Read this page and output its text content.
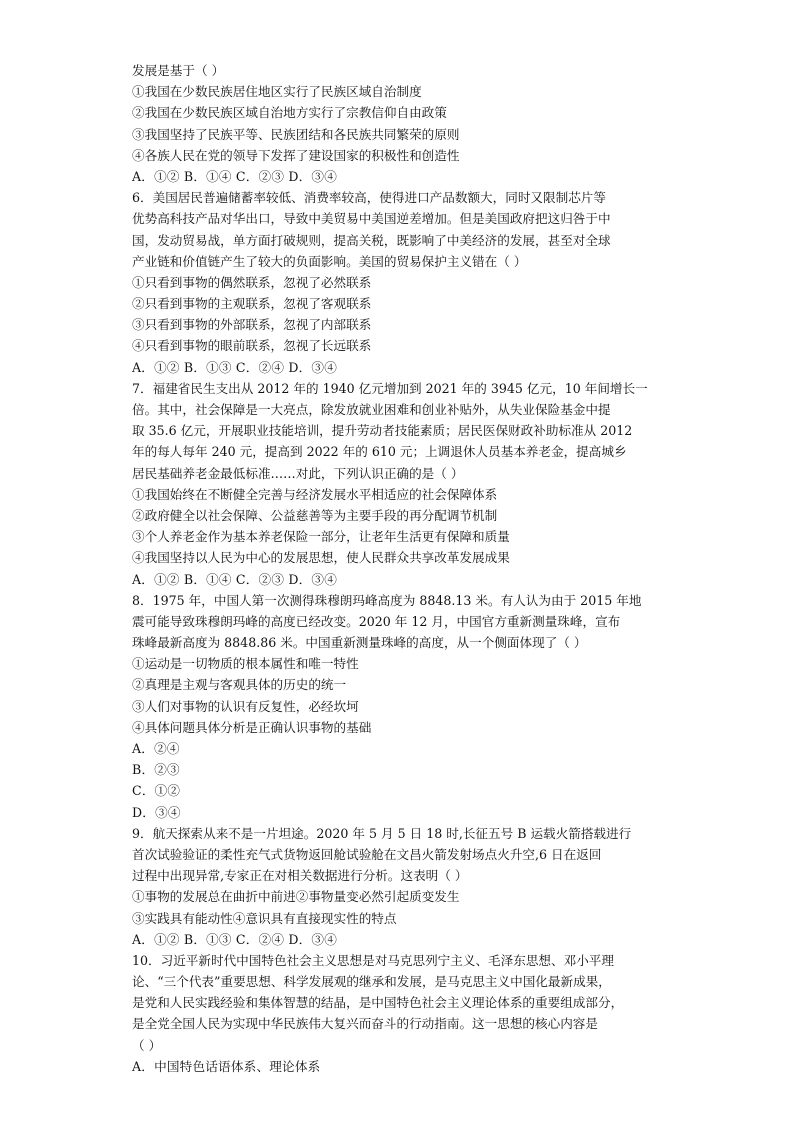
发展是基于（ ）
①我国在少数民族居住地区实行了民族区域自治制度
②我国在少数民族区域自治地方实行了宗教信仰自由政策
③我国坚持了民族平等、民族团结和各民族共同繁荣的原则
④各族人民在党的领导下发挥了建设国家的积极性和创造性
A．①② B．①④ C．②③ D．③④
6．美国居民普遍储蓄率较低、消费率较高，使得进口产品数额大，同时又限制芯片等
优势高科技产品对华出口，导致中美贸易中美国逆差增加。但是美国政府把这归咎于中
国，发动贸易战，单方面打破规则，提高关税，既影响了中美经济的发展，甚至对全球
产业链和价值链产生了较大的负面影响。美国的贸易保护主义错在（ ）
①只看到事物的偶然联系，忽视了必然联系
②只看到事物的主观联系，忽视了客观联系
③只看到事物的外部联系，忽视了内部联系
④只看到事物的眼前联系，忽视了长远联系
A．①② B．①③ C．②④ D．③④
7．福建省民生支出从 2012 年的 1940 亿元增加到 2021 年的 3945 亿元，10 年间增长一
倍。其中，社会保障是一大亮点，除发放就业困难和创业补贴外，从失业保险基金中提
取 35.6 亿元，开展职业技能培训，提升劳动者技能素质；居民医保财政补助标准从 2012
年的每人每年 240 元，提高到 2022 年的 610 元；上调退休人员基本养老金，提高城乡
居民基础养老金最低标准……对此，下列认识正确的是（ ）
①我国始终在不断健全完善与经济发展水平相适应的社会保障体系
②政府健全以社会保障、公益慈善等为主要手段的再分配调节机制
③个人养老金作为基本养老保险一部分，让老年生活更有保障和质量
④我国坚持以人民为中心的发展思想，使人民群众共享改革发展成果
A．①② B．①④ C．②③ D．③④
8．1975 年，中国人第一次测得珠穆朗玛峰高度为 8848.13 米。有人认为由于 2015 年地
震可能导致珠穆朗玛峰的高度已经改变。2020 年 12 月，中国官方重新测量珠峰，宣布
珠峰最新高度为 8848.86 米。中国重新测量珠峰的高度，从一个侧面体现了（ ）
①运动是一切物质的根本属性和唯一特性
②真理是主观与客观具体的历史的统一
③人们对事物的认识有反复性，必经坎坷
④具体问题具体分析是正确认识事物的基础
A．②④
B．②③
C．①②
D．③④
9．航天探索从来不是一片坦途。2020 年 5 月 5 日 18 时,长征五号 B 运载火箭搭载进行
首次试验验证的柔性充气式货物返回舱试验舱在文昌火箭发射场点火升空,6 日在返回
过程中出现异常,专家正在对相关数据进行分析。这表明（ ）
①事物的发展总在曲折中前进②事物量变必然引起质变发生
③实践具有能动性④意识具有直接现实性的特点
A．①② B．①③ C．②④ D．③④
10．习近平新时代中国特色社会主义思想是对马克思列宁主义、毛泽东思想、邓小平理
论、“三个代表”重要思想、科学发展观的继承和发展，是马克思主义中国化最新成果，
是党和人民实践经验和集体智慧的结晶，是中国特色社会主义理论体系的重要组成部分，
是全党全国人民为实现中华民族伟大复兴而奋斗的行动指南。这一思想的核心内容是
（ ）
A．中国特色话语体系、理论体系
